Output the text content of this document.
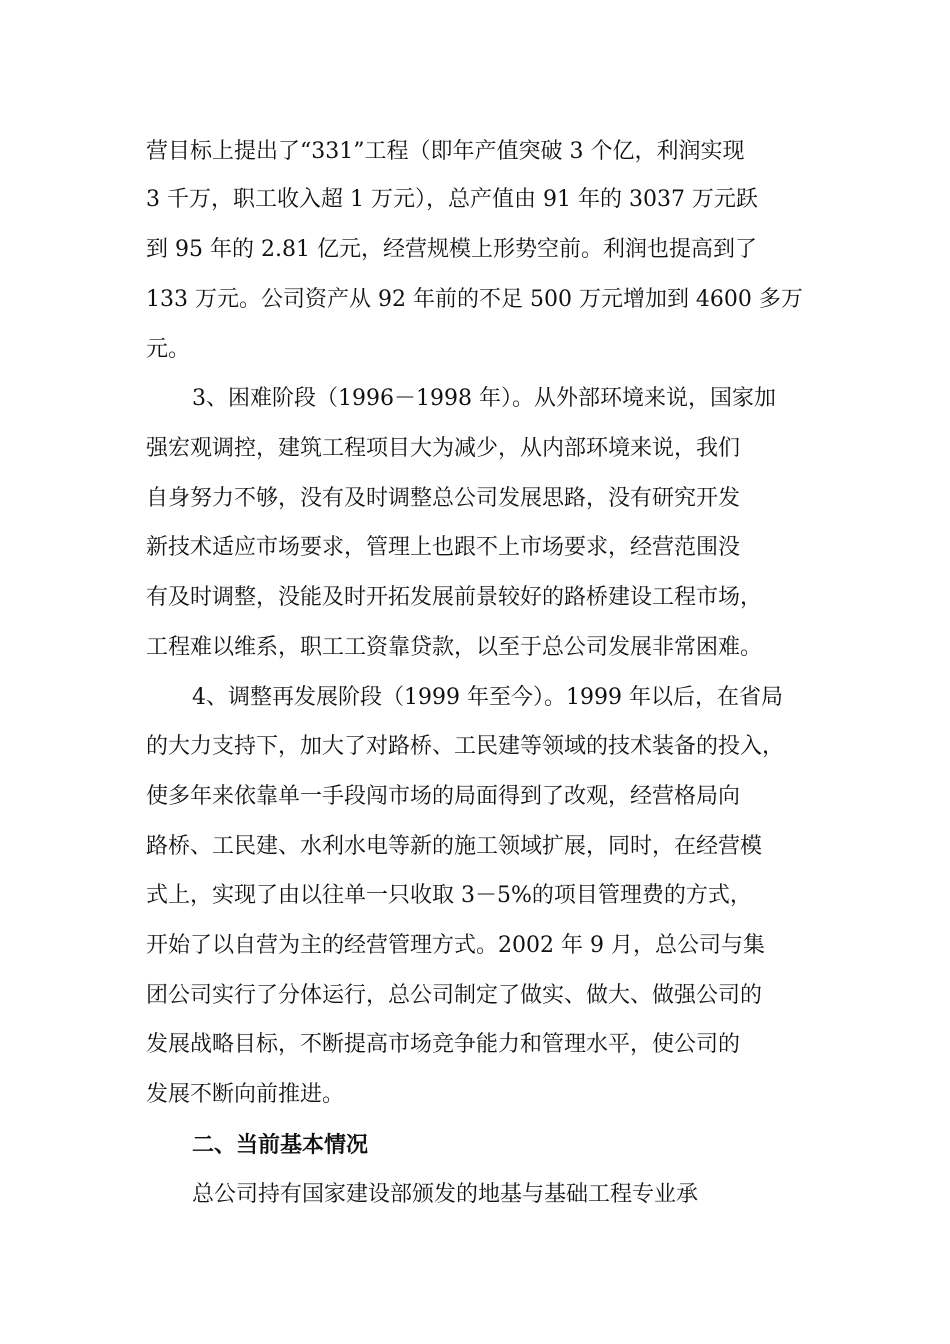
营目标上提出了“331”工程（即年产值突破 3 个亿，利润实现
3 千万，职工收入超 1 万元），总产值由 91 年的 3037 万元跃
到 95 年的 2.81 亿元，经营规模上形势空前。利润也提高到了
133 万元。公司资产从 92 年前的不足 500 万元增加到 4600 多万
元。
3、困难阶段（1996－1998 年）。从外部环境来说，国家加
强宏观调控，建筑工程项目大为减少，从内部环境来说，我们
自身努力不够，没有及时调整总公司发展思路，没有研究开发
新技术适应市场要求，管理上也跟不上市场要求，经营范围没
有及时调整，没能及时开拓发展前景较好的路桥建设工程市场，
工程难以维系，职工工资靠贷款，以至于总公司发展非常困难。
4、调整再发展阶段（1999 年至今）。1999 年以后，在省局
的大力支持下，加大了对路桥、工民建等领域的技术装备的投入，
使多年来依靠单一手段闯市场的局面得到了改观，经营格局向
路桥、工民建、水利水电等新的施工领域扩展，同时，在经营模
式上，实现了由以往单一只收取 3－5%的项目管理费的方式，
开始了以自营为主的经营管理方式。2002 年 9 月，总公司与集
团公司实行了分体运行，总公司制定了做实、做大、做强公司的
发展战略目标，不断提高市场竞争能力和管理水平，使公司的
发展不断向前推进。
二、当前基本情况
总公司持有国家建设部颁发的地基与基础工程专业承
